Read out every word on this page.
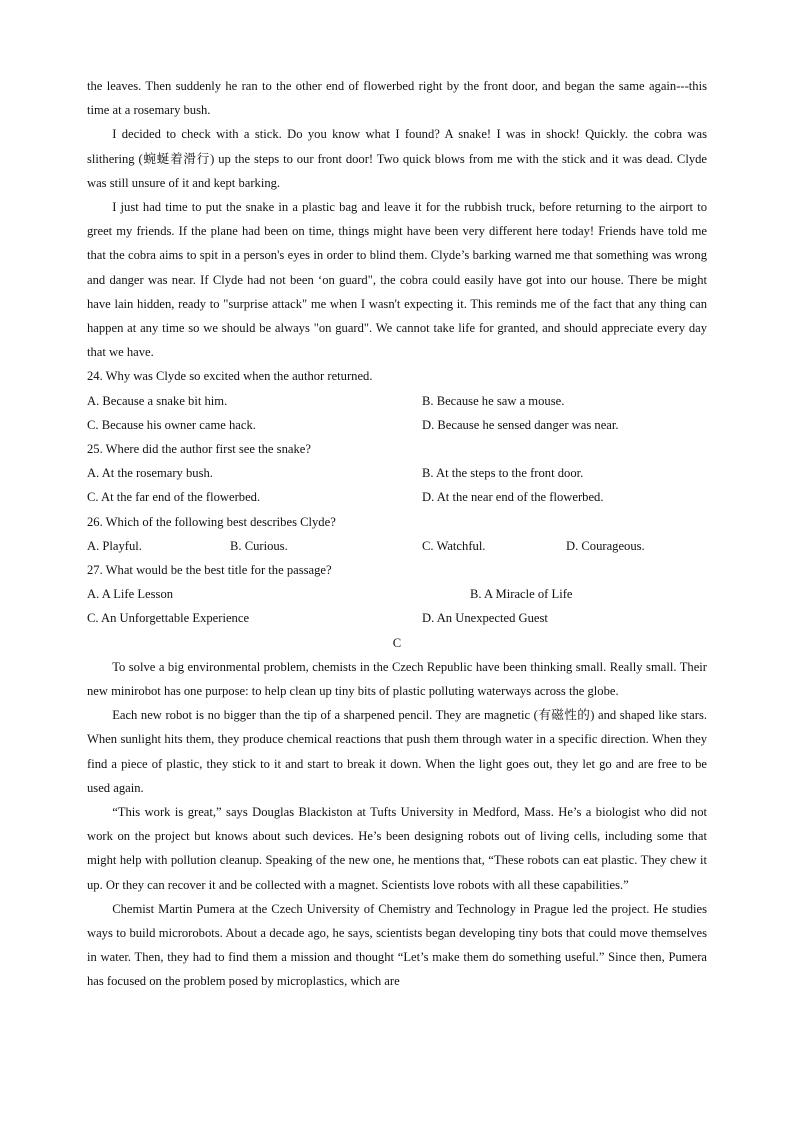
the leaves. Then suddenly he ran to the other end of flowerbed right by the front door, and began the same again---this time at a rosemary bush.

I decided to check with a stick. Do you know what I found? A snake! I was in shock! Quickly. the cobra was slithering (蜿蜒着滑行) up the steps to our front door! Two quick blows from me with the stick and it was dead. Clyde was still unsure of it and kept barking.

I just had time to put the snake in a plastic bag and leave it for the rubbish truck, before returning to the airport to greet my friends. If the plane had been on time, things might have been very different here today! Friends have told me that the cobra aims to spit in a person's eyes in order to blind them. Clyde’s barking warned me that something was wrong and danger was near. If Clyde had not been ‘on guard", the cobra could easily have got into our house. There be might have lain hidden, ready to "surprise attack" me when I wasn't expecting it. This reminds me of the fact that any thing can happen at any time so we should be always "on guard". We cannot take life for granted, and should appreciate every day that we have.

24. Why was Clyde so excited when the author returned.

A. Because a snake bit him.	B. Because he saw a mouse.
C. Because his owner came hack.	D. Because he sensed danger was near.

25. Where did the author first see the snake?

A. At the rosemary bush.	B. At the steps to the front door.
C. At the far end of the flowerbed.	D. At the near end of the flowerbed.

26. Which of the following best describes Clyde?

A. Playful.	B. Curious.	C. Watchful.	D. Courageous.

27. What would be the best title for the passage?

A. A Life Lesson	B. A Miracle of Life
C. An Unforgettable Experience	D. An Unexpected Guest

C

To solve a big environmental problem, chemists in the Czech Republic have been thinking small. Really small. Their new minirobot has one purpose: to help clean up tiny bits of plastic polluting waterways across the globe.

Each new robot is no bigger than the tip of a sharpened pencil. They are magnetic (有磁性的) and shaped like stars. When sunlight hits them, they produce chemical reactions that push them through water in a specific direction. When they find a piece of plastic, they stick to it and start to break it down. When the light goes out, they let go and are free to be used again.

“This work is great,” says Douglas Blackiston at Tufts University in Medford, Mass. He’s a biologist who did not work on the project but knows about such devices. He’s been designing robots out of living cells, including some that might help with pollution cleanup. Speaking of the new one, he mentions that, “These robots can eat plastic. They chew it up. Or they can recover it and be collected with a magnet. Scientists love robots with all these capabilities.”

Chemist Martin Pumera at the Czech University of Chemistry and Technology in Prague led the project. He studies ways to build microrobots. About a decade ago, he says, scientists began developing tiny bots that could move themselves in water. Then, they had to find them a mission and thought “Let’s make them do something useful.” Since then, Pumera has focused on the problem posed by microplastics, which are
